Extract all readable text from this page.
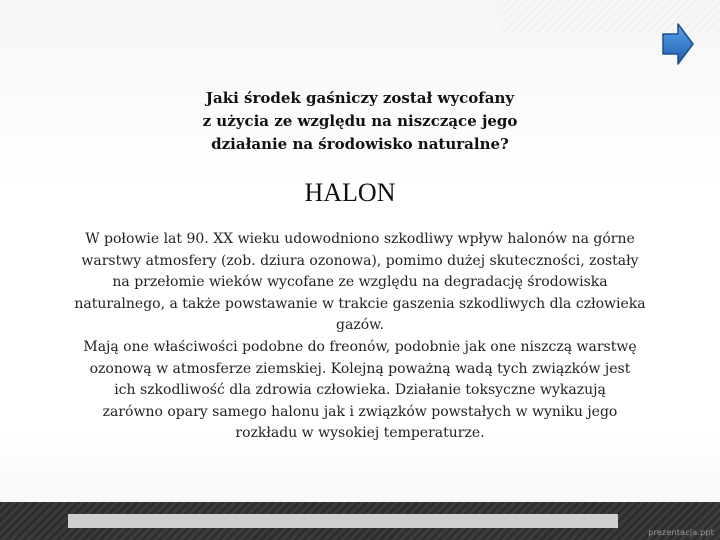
Jaki środek gaśniczy został wycofany
z użycia ze względu na niszczące jego
działanie na środowisko naturalne?
HALON

W połowie lat 90. XX wieku udowodniono szkodliwy wpływ halonów na górne
warstwy atmosfery (zob. dziura ozonowa), pomimo dużej skuteczności, zostały
na przełomie wieków wycofane ze względu na degradację środowiska
naturalnego, a także powstawanie w trakcie gaszenia szkodliwych dla człowieka
gazów.

Mają one właściwości podobne do freonów, podobnie jak one niszczą warstwę
ozonową w atmosferze ziemskiej. Kolejną poważną wadą tych związków jest
ich szkodliwość dla zdrowia człowieka. Działanie toksyczne wykazują
zarówno opary samego halonu jak i związków powstałych w wyniku jego
rozkładu w wysokiej temperaturze.

prezentacja.ppt
